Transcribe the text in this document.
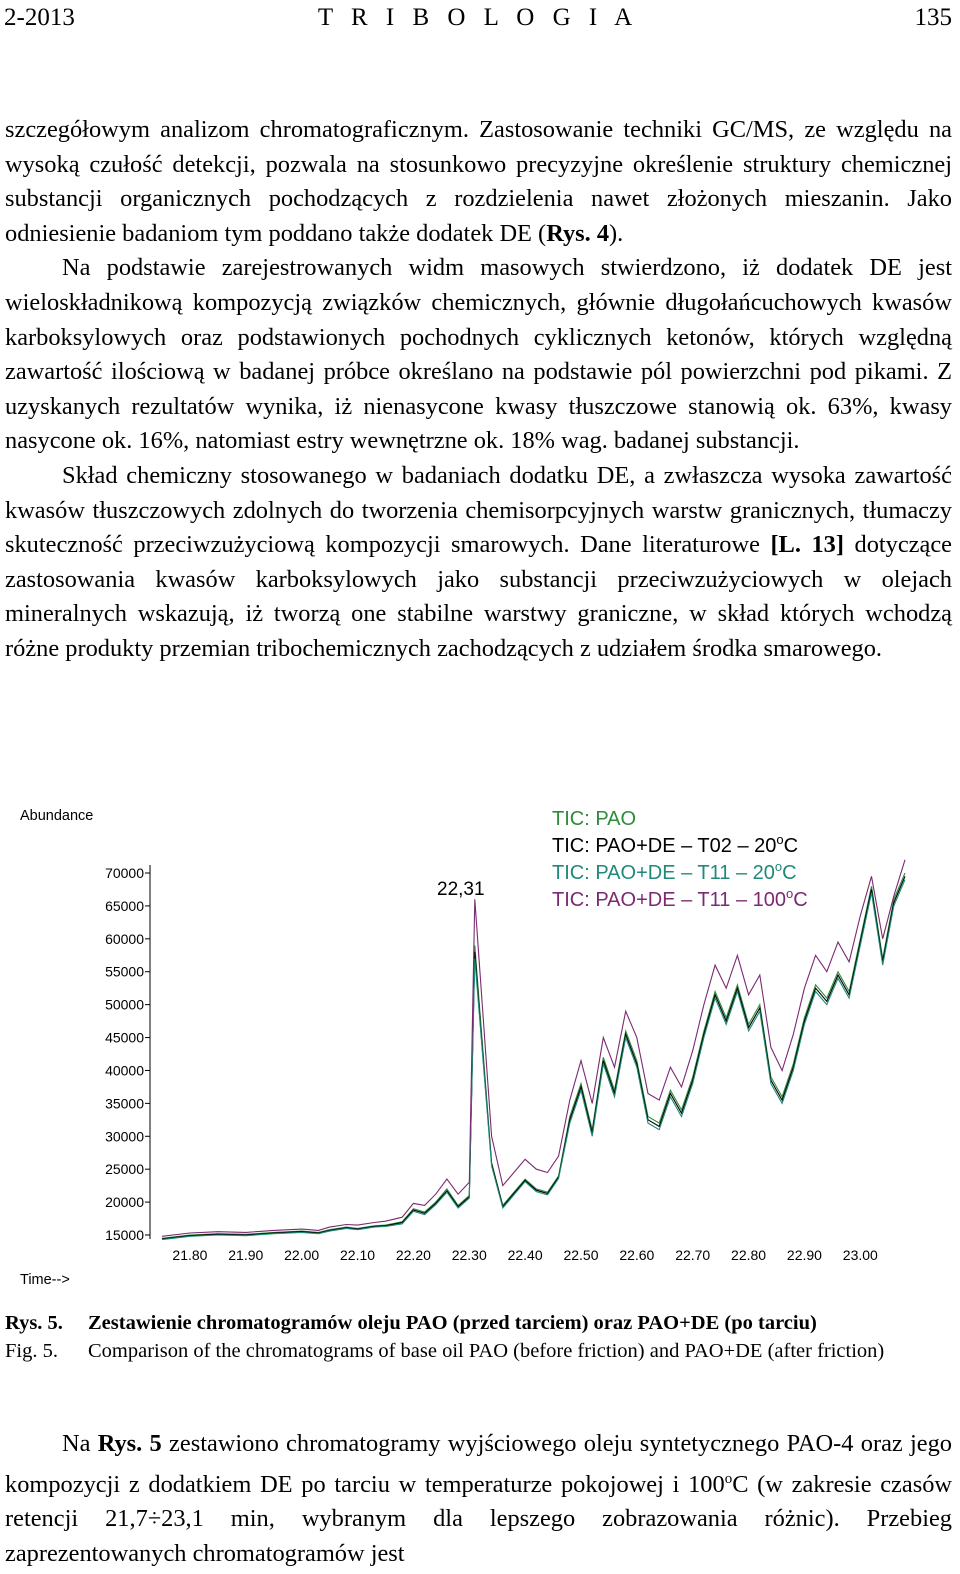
2-2013	T R I B O L O G I A	135

szczegółowym analizom chromatograficznym. Zastosowanie techniki GC/MS, ze względu na wysoką czułość detekcji, pozwala na stosunkowo precyzyjne określenie struktury chemicznej substancji organicznych pochodzących z rozdzielenia nawet złożonych mieszanin. Jako odniesienie badaniom tym poddano także dodatek DE (Rys. 4).

Na podstawie zarejestrowanych widm masowych stwierdzono, iż dodatek DE jest wieloskładnikową kompozycją związków chemicznych, głównie długołańcuchowych kwasów karboksylowych oraz podstawionych pochodnych cyklicznych ketonów, których względną zawartość ilościową w badanej próbce określano na podstawie pól powierzchni pod pikami. Z uzyskanych rezultatów wynika, iż nienasycone kwasy tłuszczowe stanowią ok. 63%, kwasy nasycone ok. 16%, natomiast estry wewnętrzne ok. 18% wag. badanej substancji.

Skład chemiczny stosowanego w badaniach dodatku DE, a zwłaszcza wysoka zawartość kwasów tłuszczowych zdolnych do tworzenia chemisorpcyjnych warstw granicznych, tłumaczy skuteczność przeciwzużyciową kompozycji smarowych. Dane literaturowe [L. 13] dotyczące zastosowania kwasów karboksylowych jako substancji przeciwzużyciowych w olejach mineralnych wskazują, iż tworzą one stabilne warstwy graniczne, w skład których wchodzą różne produkty przemian tribochemicznych zachodzących z udziałem środka smarowego.

15000
20000
25000
30000
35000
40000
45000
50000
55000
60000
65000
70000
21.80 21.90 22.00 22.10 22.20 22.30 22.40 22.50 22.60 22.70 22.80 22.90 23.00
Abundance
Time-->
22,31
TIC: PAO
TIC: PAO+DE – T02 – 20$^o$C
TIC: PAO+DE – T11 – 20$^o$C
TIC: PAO+DE – T11 – 100$^o$C
Rys. 5. Zestawienie chromatogramów oleju PAO (przed tarciem) oraz PAO+DE (po tarciu)
Fig. 5. Comparison of the chromatograms of base oil PAO (before friction) and PAO+DE (after friction)

Na Rys. 5 zestawiono chromatogramy wyjściowego oleju syntetycznego PAO-4 oraz jego kompozycji z dodatkiem DE po tarciu w temperaturze pokojowej i 100$^o$C (w zakresie czasów retencji 21,7÷23,1 min, wybranym dla lepszego zobrazowania różnic). Przebieg zaprezentowanych chromatogramów jest
